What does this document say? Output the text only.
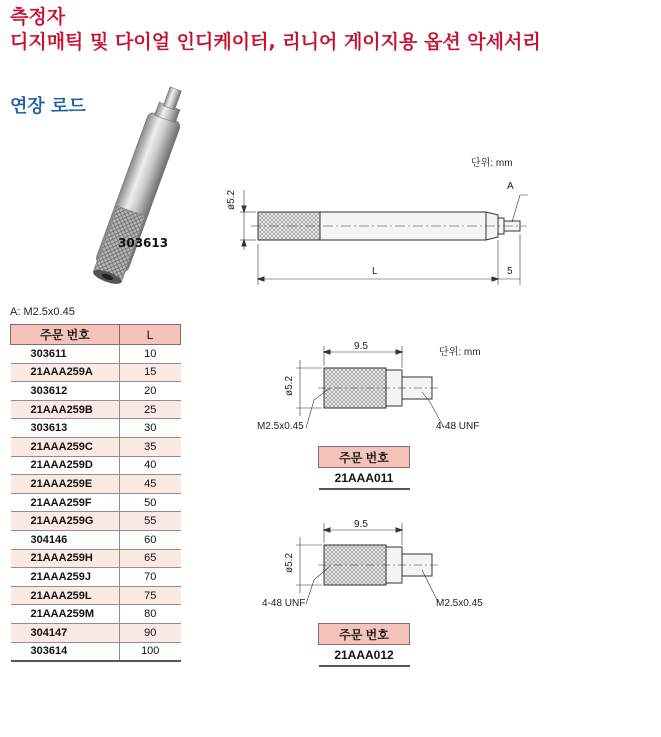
측정자
디지매틱 및 다이얼 인디케이터, 리니어 게이지용 옵션 악세서리
연장 로드
303613
단위: mm
ø5.2
A
L	5
A: M2.5x0.45
주문 번호	L
303611	10
21AAA259A	15
303612	20
21AAA259B	25
303613	30
21AAA259C	35
21AAA259D	40
21AAA259E	45
21AAA259F	50
21AAA259G	55
304146	60
21AAA259H	65
21AAA259J	70
21AAA259L	75
21AAA259M	80
304147	90
303614	100
단위: mm
9.5
ø5.2
M2.5x0.45	4-48 UNF
주문 번호
21AAA011
9.5
ø5.2
4-48 UNF	M2.5x0.45
주문 번호
21AAA012
